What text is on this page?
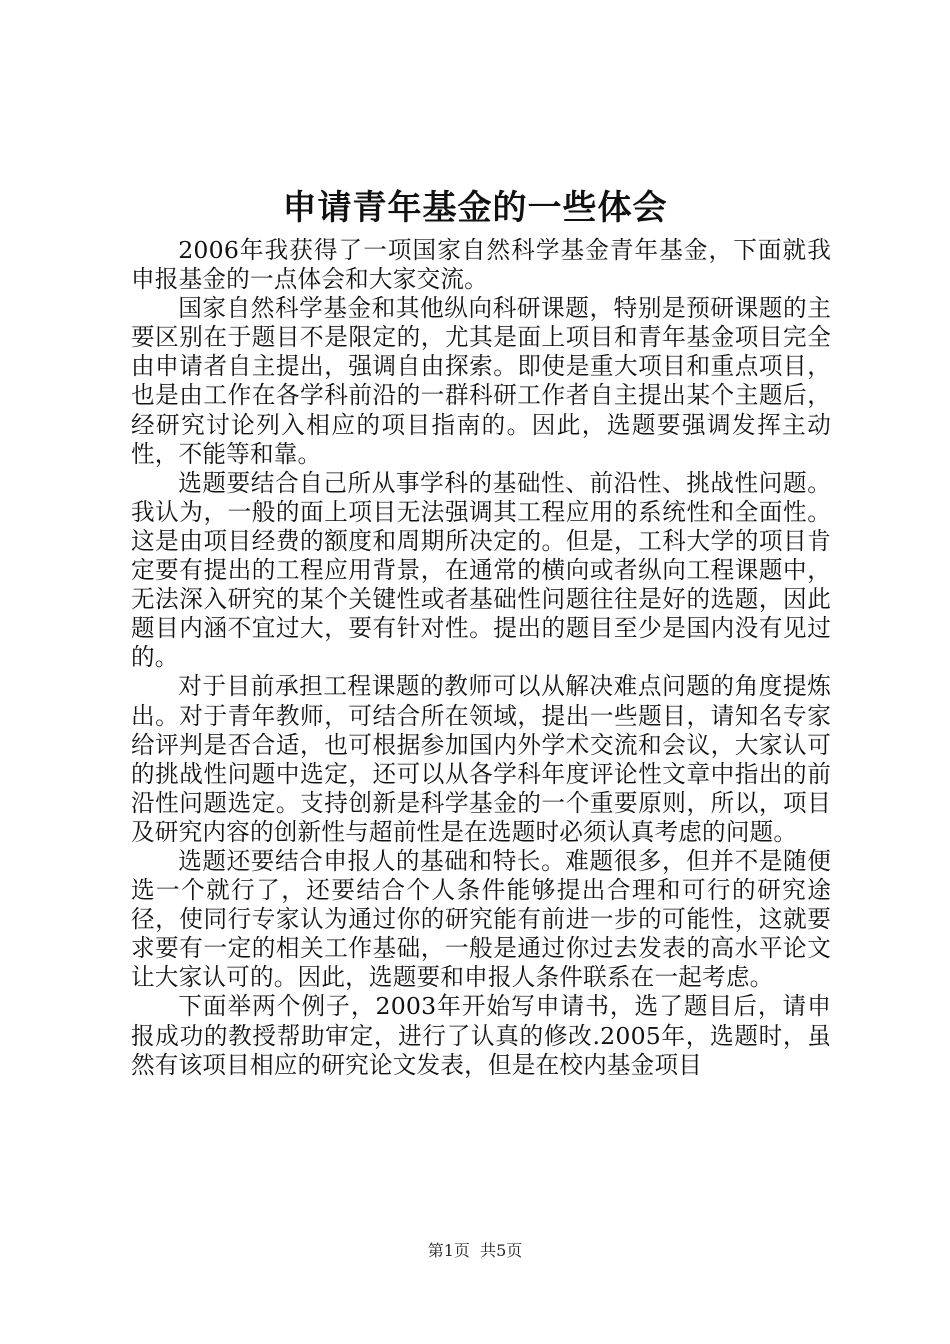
申请青年基金的一些体会

2006年我获得了一项国家自然科学基金青年基金，下面就我申报基金的一点体会和大家交流。

国家自然科学基金和其他纵向科研课题，特别是预研课题的主要区别在于题目不是限定的，尤其是面上项目和青年基金项目完全由申请者自主提出，强调自由探索。即使是重大项目和重点项目，也是由工作在各学科前沿的一群科研工作者自主提出某个主题后，经研究讨论列入相应的项目指南的。因此，选题要强调发挥主动性，不能等和靠。

选题要结合自己所从事学科的基础性、前沿性、挑战性问题。我认为，一般的面上项目无法强调其工程应用的系统性和全面性。这是由项目经费的额度和周期所决定的。但是，工科大学的项目肯定要有提出的工程应用背景，在通常的横向或者纵向工程课题中，无法深入研究的某个关键性或者基础性问题往往是好的选题，因此题目内涵不宜过大，要有针对性。提出的题目至少是国内没有见过的。

对于目前承担工程课题的教师可以从解决难点问题的角度提炼出。对于青年教师，可结合所在领域，提出一些题目，请知名专家给评判是否合适，也可根据参加国内外学术交流和会议，大家认可的挑战性问题中选定，还可以从各学科年度评论性文章中指出的前沿性问题选定。支持创新是科学基金的一个重要原则，所以，项目及研究内容的创新性与超前性是在选题时必须认真考虑的问题。

选题还要结合申报人的基础和特长。难题很多，但并不是随便选一个就行了，还要结合个人条件能够提出合理和可行的研究途径，使同行专家认为通过你的研究能有前进一步的可能性，这就要求要有一定的相关工作基础，一般是通过你过去发表的高水平论文让大家认可的。因此，选题要和申报人条件联系在一起考虑。

下面举两个例子，2003年开始写申请书，选了题目后，请申报成功的教授帮助审定，进行了认真的修改.2005年，选题时，虽然有该项目相应的研究论文发表，但是在校内基金项目

第1页  共5页
